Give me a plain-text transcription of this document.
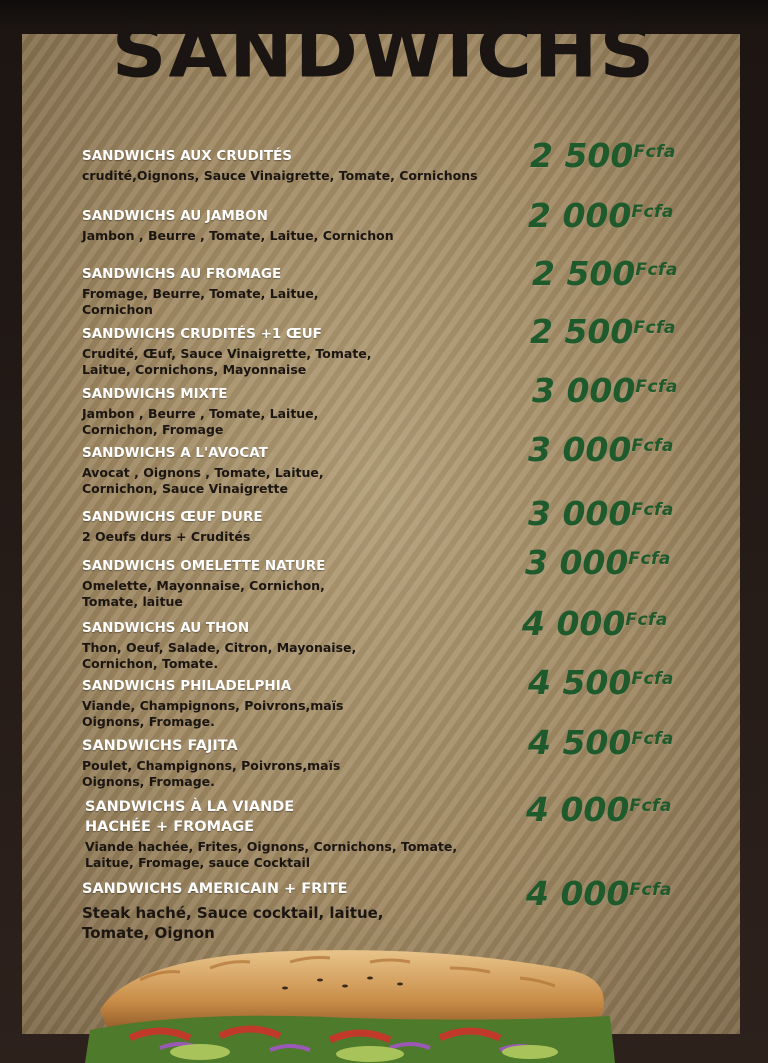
SANDWICHS
SANDWICHS AUX CRUDITÉS
crudité,Oignons, Sauce Vinaigrette, Tomate, Cornichons
2 $500^{Fcfa}$
SANDWICHS AU JAMBON
Jambon , Beurre , Tomate, Laitue, Cornichon
2 $000^{Fcfa}$
SANDWICHS AU FROMAGE
Fromage, Beurre, Tomate, Laitue, Cornichon
2 $500^{Fcfa}$
SANDWICHS CRUDITÉS +1 ŒUF
Crudité, Œuf, Sauce Vinaigrette, Tomate, Laitue, Cornichons, Mayonnaise
2 $500^{Fcfa}$
SANDWICHS MIXTE
Jambon , Beurre , Tomate, Laitue, Cornichon, Fromage
3 $000^{Fcfa}$
SANDWICHS A L'AVOCAT
Avocat , Oignons , Tomate, Laitue, Cornichon, Sauce Vinaigrette
3 $000^{Fcfa}$
SANDWICHS ŒUF DURE
2 Oeufs durs + Crudités
3 $000^{Fcfa}$
SANDWICHS OMELETTE NATURE
Omelette, Mayonnaise, Cornichon, Tomate, laitue
3 $000^{Fcfa}$
SANDWICHS AU THON
Thon, Oeuf, Salade, Citron, Mayonaise, Cornichon, Tomate.
4 $000^{Fcfa}$
SANDWICHS PHILADELPHIA
Viande, Champignons, Poivrons,maïs Oignons, Fromage.
4 $500^{Fcfa}$
SANDWICHS FAJITA
Poulet, Champignons, Poivrons,maïs Oignons, Fromage.
4 $500^{Fcfa}$
SANDWICHS À LA VIANDE HACHÉE + FROMAGE
Viande hachée, Frites, Oignons, Cornichons, Tomate, Laitue, Fromage, sauce Cocktail
4 $000^{Fcfa}$
SANDWICHS AMERICAIN + FRITE
Steak haché, Sauce cocktail, laitue, Tomate, Oignon
4 $000^{Fcfa}$
